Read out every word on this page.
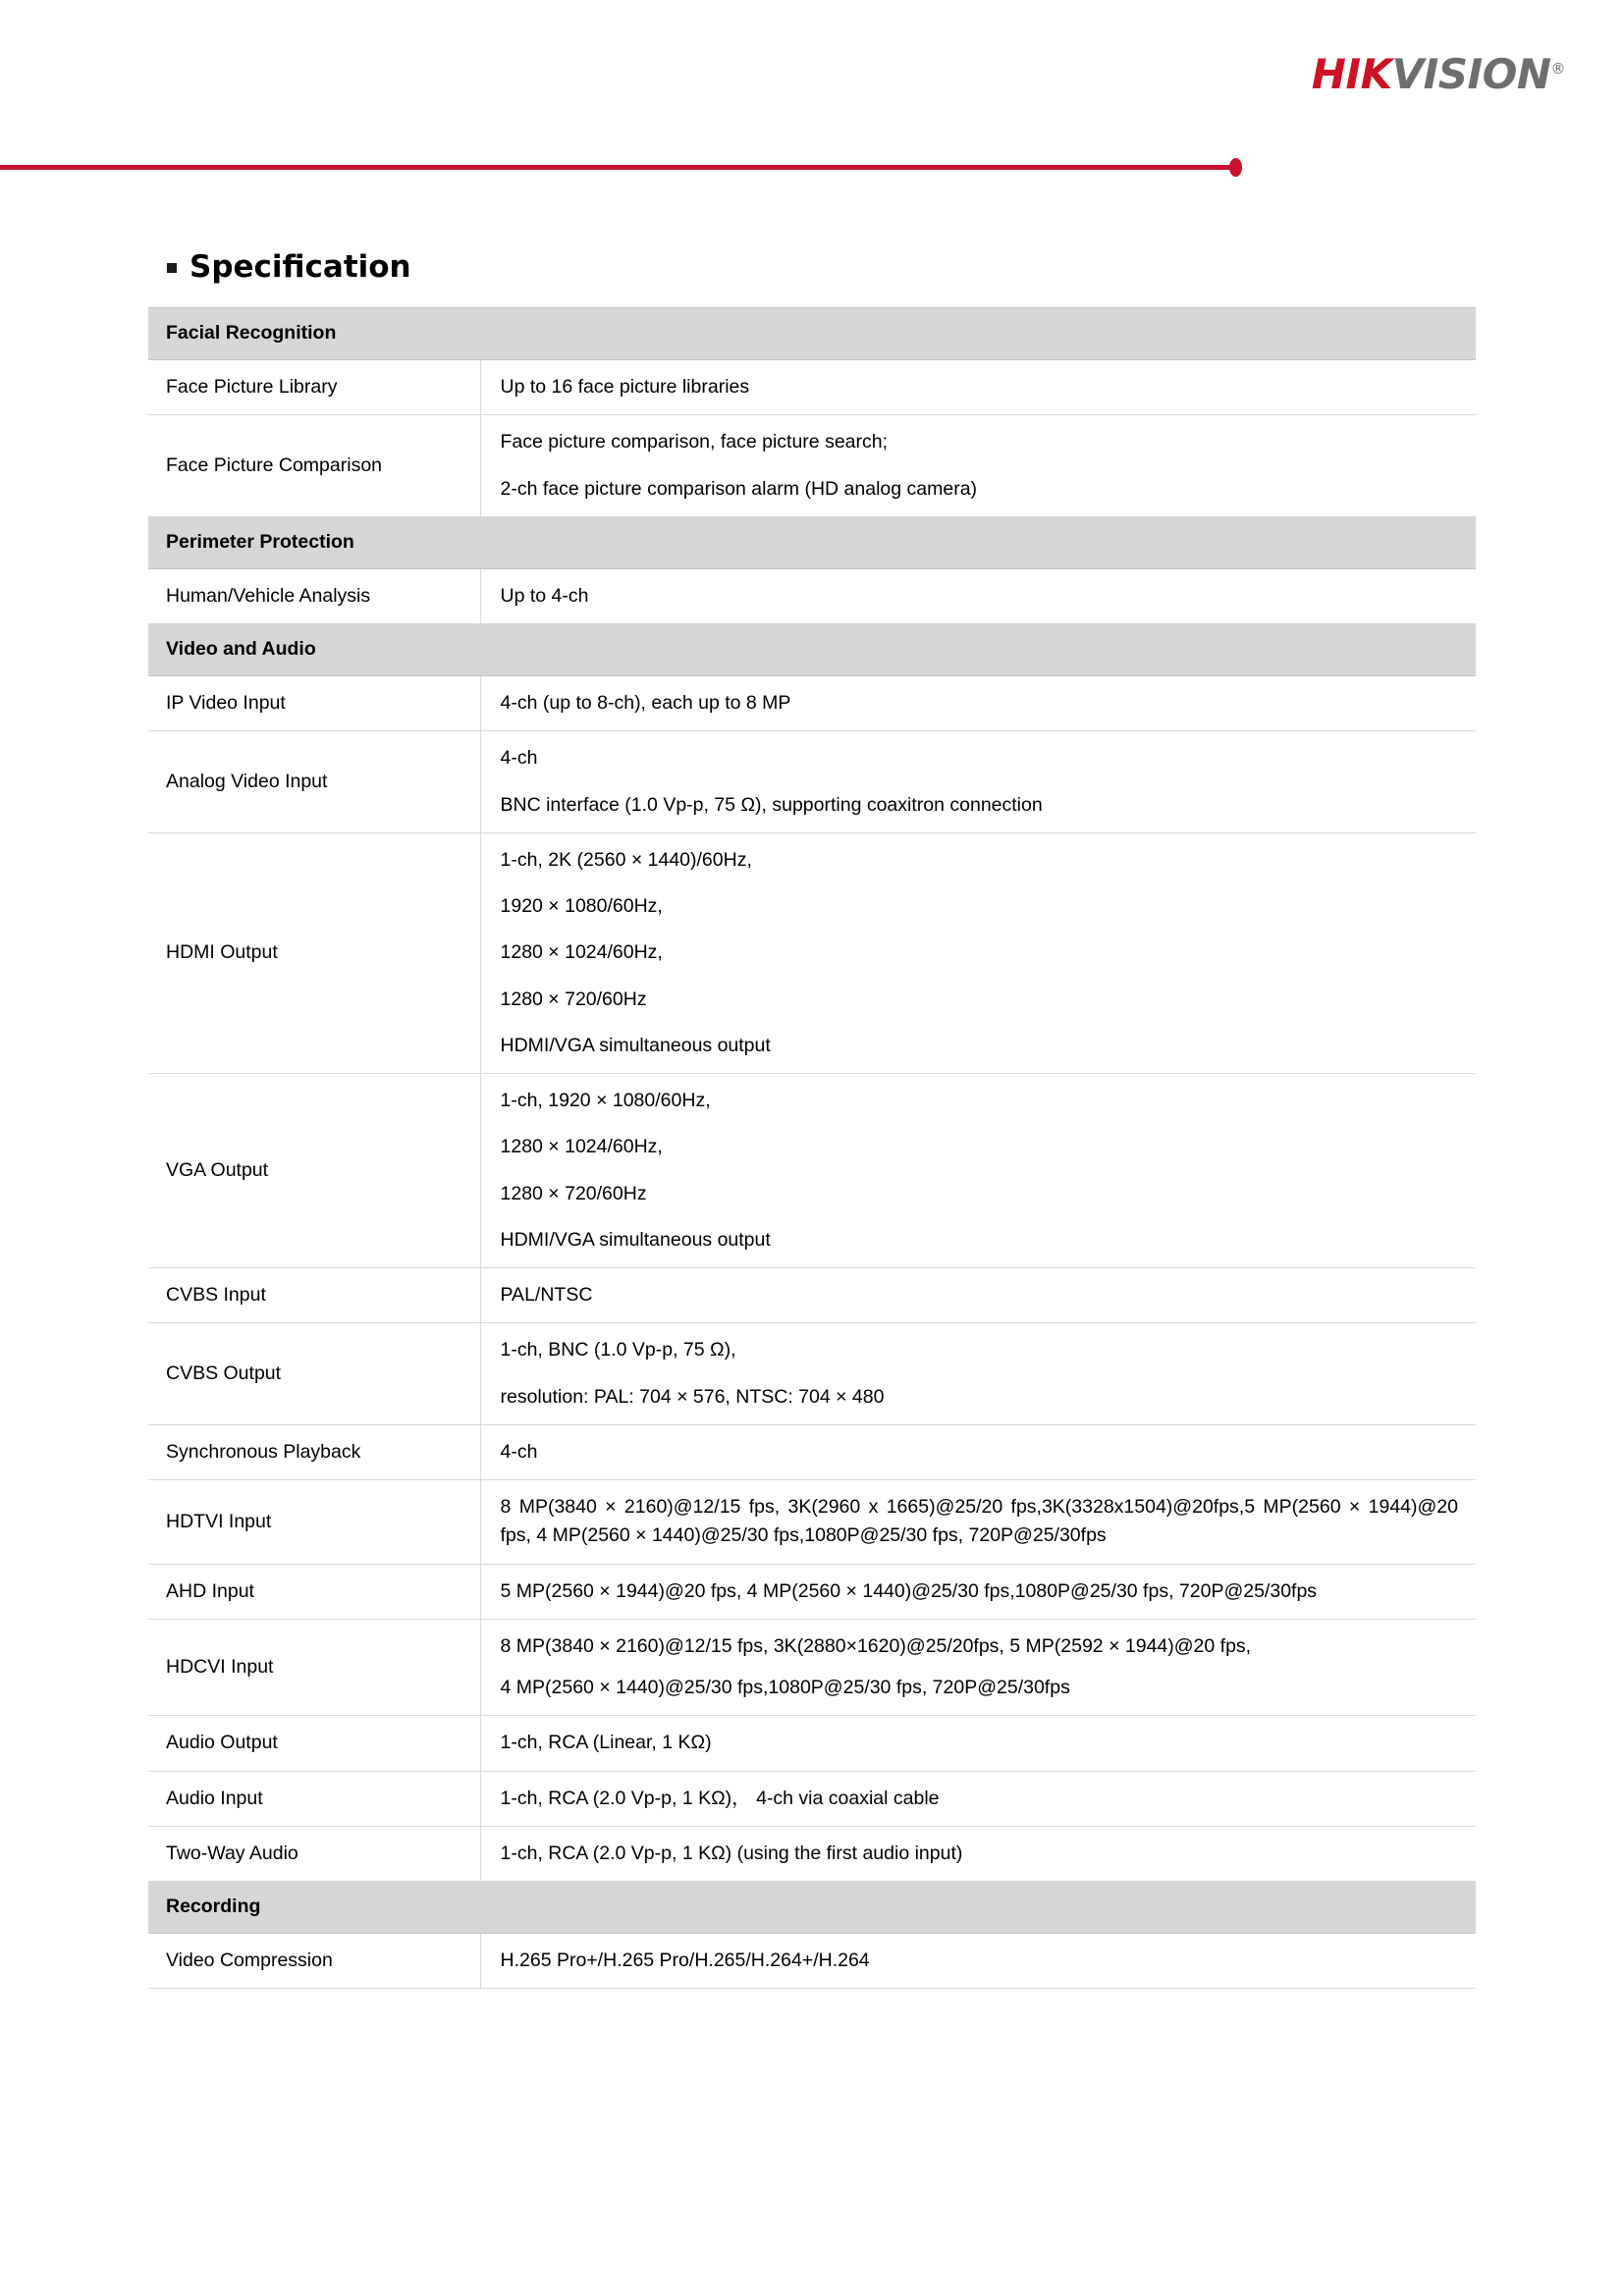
HIKVISION®
Specification
Facial Recognition	
Face Picture Library	Up to 16 face picture libraries

Face Picture Comparison	Face picture comparison, face picture search;
2-ch face picture comparison alarm (HD analog camera)

Perimeter Protection	
Human/Vehicle Analysis	Up to 4-ch

Video and Audio	
IP Video Input	4-ch (up to 8-ch), each up to 8 MP

Analog Video Input	4-ch
BNC interface (1.0 Vp-p, 75 Ω), supporting coaxitron connection

HDMI Output	1-ch, 2K (2560 × 1440)/60Hz,
1920 × 1080/60Hz,
1280 × 1024/60Hz,
1280 × 720/60Hz
HDMI/VGA simultaneous output

VGA Output	1-ch, 1920 × 1080/60Hz,
1280 × 1024/60Hz,
1280 × 720/60Hz
HDMI/VGA simultaneous output

CVBS Input	PAL/NTSC

CVBS Output	1-ch, BNC (1.0 Vp-p, 75 Ω),
resolution: PAL: 704 × 576, NTSC: 704 × 480

Synchronous Playback	4-ch

HDTVI Input	8 MP(3840 × 2160)@12/15 fps, 3K(2960 x 1665)@25/20 fps,3K(3328x1504)@20fps,5 MP(2560 × 1944)@20 fps, 4 MP(2560 × 1440)@25/30 fps,1080P@25/30 fps, 720P@25/30fps

AHD Input	5 MP(2560 × 1944)@20 fps, 4 MP(2560 × 1440)@25/30 fps,1080P@25/30 fps, 720P@25/30fps

HDCVI Input	8 MP(3840 × 2160)@12/15 fps, 3K(2880×1620)@25/20fps, 5 MP(2592 × 1944)@20 fps,
4 MP(2560 × 1440)@25/30 fps,1080P@25/30 fps, 720P@25/30fps

Audio Output	1-ch, RCA (Linear, 1 KΩ)

Audio Input	1-ch, RCA (2.0 Vp-p, 1 KΩ)， 4-ch via coaxial cable

Two-Way Audio	1-ch, RCA (2.0 Vp-p, 1 KΩ) (using the first audio input)

Recording	
Video Compression	H.265 Pro+/H.265 Pro/H.265/H.264+/H.264
